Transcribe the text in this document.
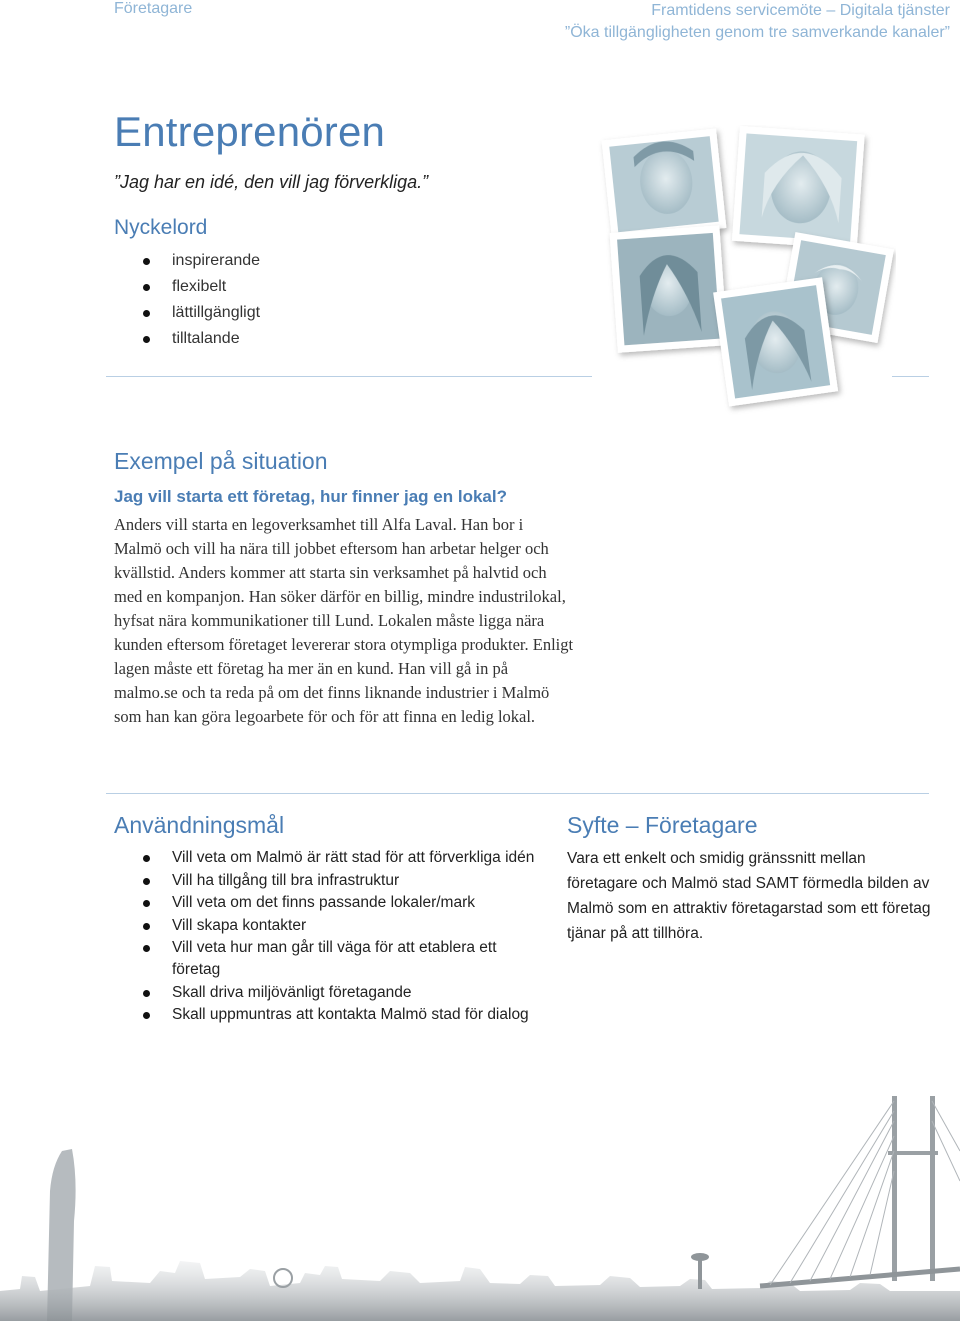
Företagare	Framtidens servicemöte – Digitala tjänster
”Öka tillgängligheten genom tre samverkande kanaler”
Entreprenören
”Jag har en idé, den vill jag förverkliga.”
Nyckelord
inspirerande
flexibelt
lättillgängligt
tilltalande
Exempel på situation
Jag vill starta ett företag, hur finner jag en lokal?

Anders vill starta en legoverksamhet till Alfa Laval. Han bor i Malmö och vill ha nära till jobbet eftersom han arbetar helger och kvällstid. Anders kommer att starta sin verksamhet på halvtid och med en kompanjon. Han söker därför en billig, mindre industrilokal, hyfsat nära kommunikationer till Lund. Lokalen måste ligga nära kunden eftersom företaget levererar stora otympliga produkter. Enligt lagen måste ett företag ha mer än en kund. Han vill gå in på malmo.se och ta reda på om det finns liknande industrier i Malmö som han kan göra legoarbete för och för att finna en ledig lokal.

Användningsmål
Vill veta om Malmö är rätt stad för att förverkliga idén
Vill ha tillgång till bra infrastruktur
Vill veta om det finns passande lokaler/mark
Vill skapa kontakter
Vill veta hur man går till väga för att etablera ett företag
Skall driva miljövänligt företagande
Skall uppmuntras att kontakta Malmö stad för dialog
Syfte – Företagare

Vara ett enkelt och smidig gränssnitt mellan företagare och Malmö stad SAMT förmedla bilden av Malmö som en attraktiv företagarstad som ett företag tjänar på att tillhöra.
